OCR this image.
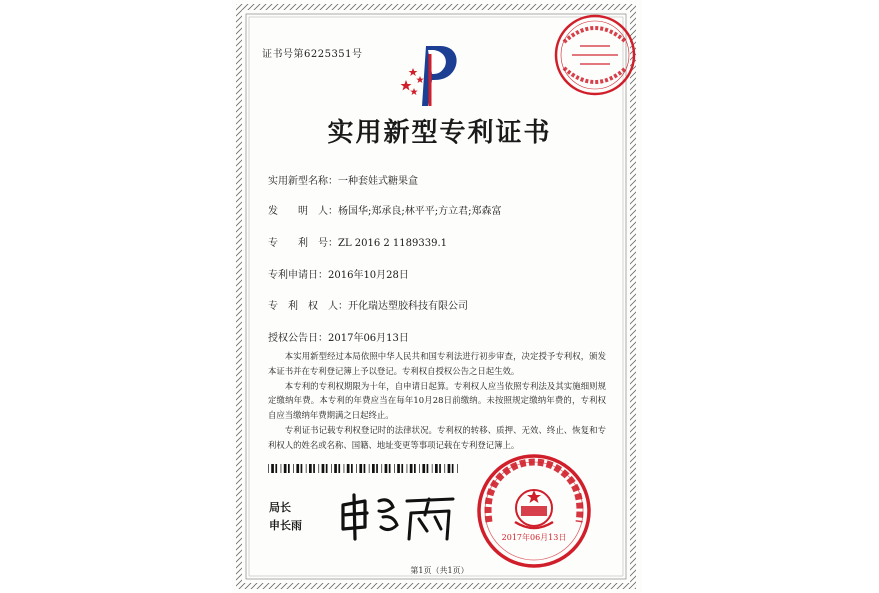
证书号第6225351号
实用新型专利证书
实用新型名称：一种套娃式糖果盒
发　　明　人：杨国华;郑承良;林平平;方立君;郑森富
专　　利　号：ZL 2016 2 1189339.1
专利申请日：2016年10月28日
专　利　权　人：开化瑞达塑胶科技有限公司
授权公告日：2017年06月13日

本实用新型经过本局依照中华人民共和国专利法进行初步审查，决定授予专利权，颁发本证书并在专利登记簿上予以登记。专利权自授权公告之日起生效。

本专利的专利权期限为十年，自申请日起算。专利权人应当依照专利法及其实施细则规定缴纳年费。本专利的年费应当在每年10月28日前缴纳。未按照规定缴纳年费的，专利权自应当缴纳年费期满之日起终止。

专利证书记载专利权登记时的法律状况。专利权的转移、质押、无效、终止、恢复和专利权人的姓名或名称、国籍、地址变更等事项记载在专利登记簿上。

局长
申长雨
2017年06月13日
第1页（共1页）
